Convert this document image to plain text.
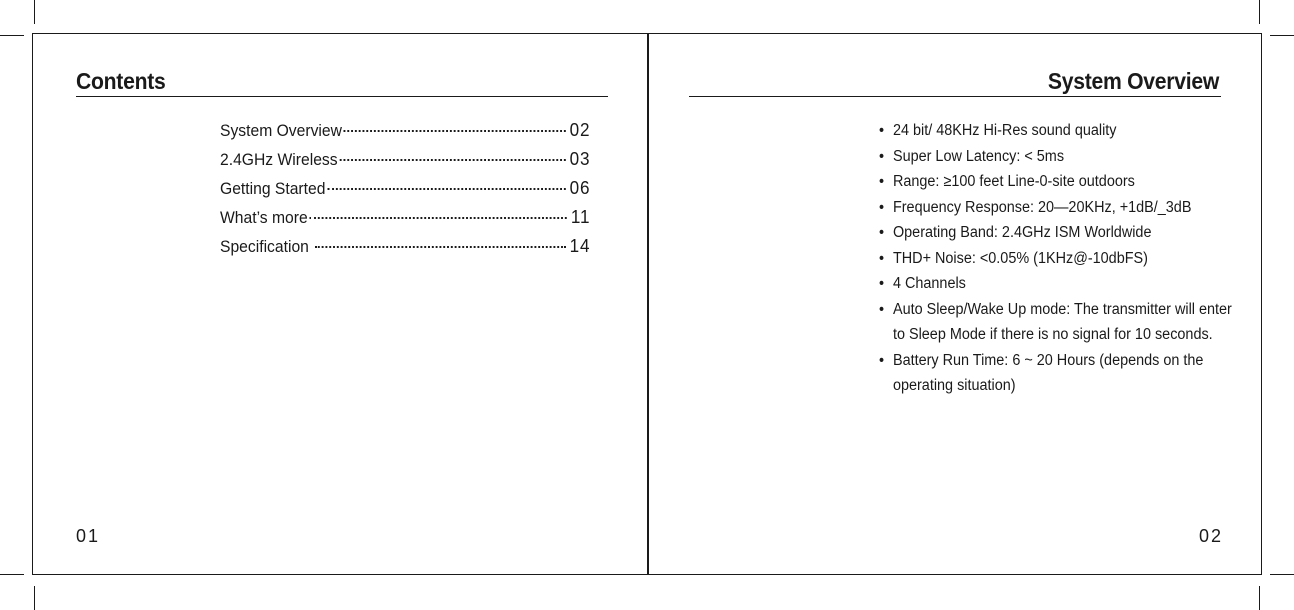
Contents
System Overview	02
2.4GHz Wireless	03
Getting Started	06
What’s more	11
Specification	14
01
System Overview
• 24 bit/ 48KHz Hi-Res sound quality
• Super Low Latency: < 5ms
• Range: ≥100 feet Line-0-site outdoors
• Frequency Response: 20—20KHz, +1dB/_3dB
• Operating Band: 2.4GHz ISM Worldwide
• THD+ Noise: <0.05% (1KHz@-10dbFS)
• 4 Channels
• Auto Sleep/Wake Up mode: The transmitter will enter to Sleep Mode if there is no signal for 10 seconds.
• Battery Run Time: 6 ~ 20 Hours (depends on the operating situation)
02
